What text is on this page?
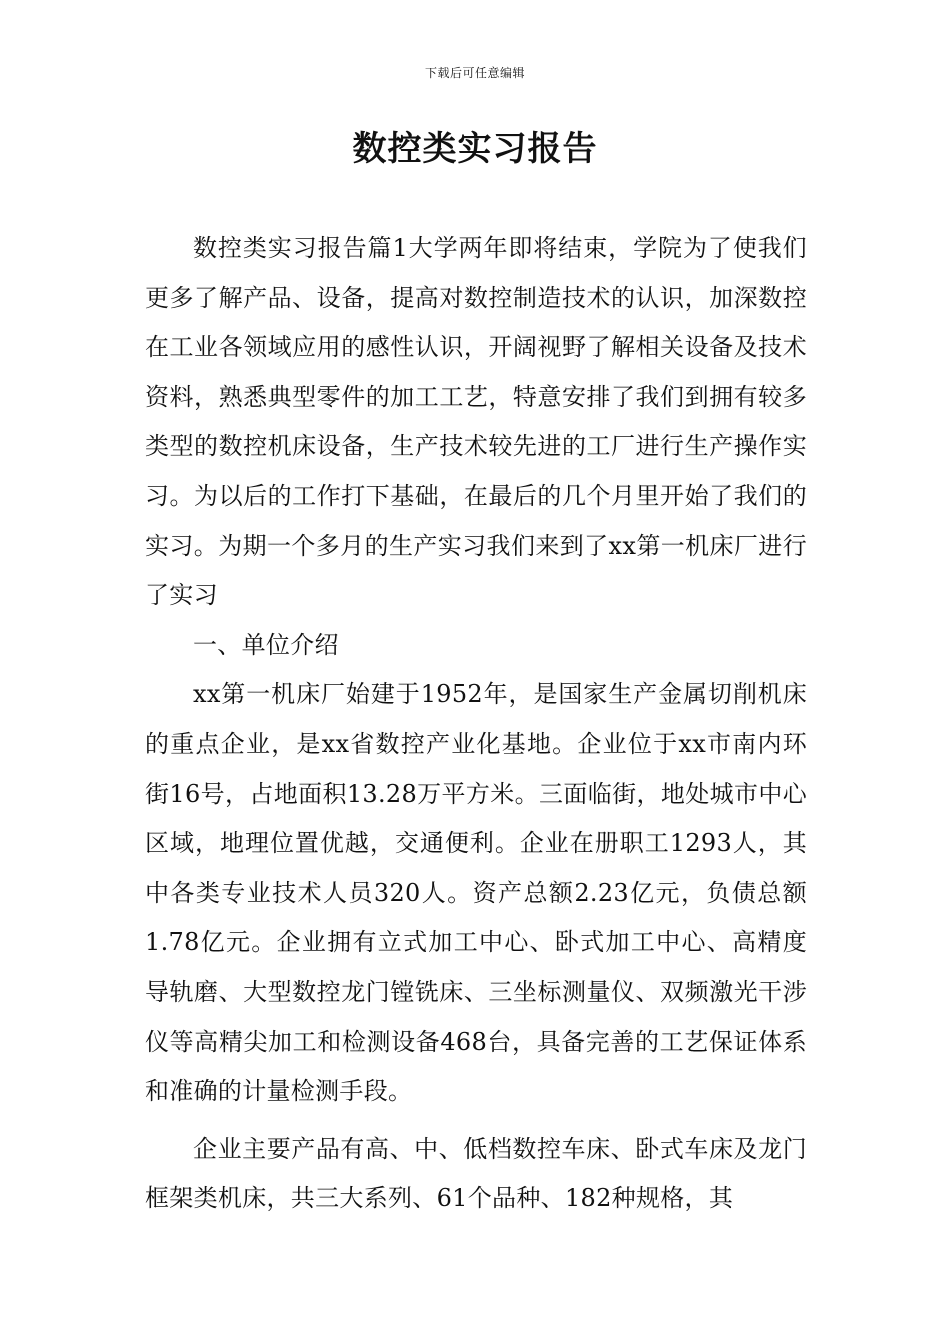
下载后可任意编辑
数控类实习报告

数控类实习报告篇1大学两年即将结束，学院为了使我们更多了解产品、设备，提高对数控制造技术的认识，加深数控在工业各领域应用的感性认识，开阔视野了解相关设备及技术资料，熟悉典型零件的加工工艺，特意安排了我们到拥有较多类型的数控机床设备，生产技术较先进的工厂进行生产操作实习。为以后的工作打下基础，在最后的几个月里开始了我们的实习。为期一个多月的生产实习我们来到了xx第一机床厂进行了实习

一、单位介绍

xx第一机床厂始建于1952年，是国家生产金属切削机床的重点企业，是xx省数控产业化基地。企业位于xx市南内环街16号，占地面积13.28万平方米。三面临街，地处城市中心区域，地理位置优越，交通便利。企业在册职工1293人，其中各类专业技术人员320人。资产总额2.23亿元，负债总额1.78亿元。企业拥有立式加工中心、卧式加工中心、高精度导轨磨、大型数控龙门镗铣床、三坐标测量仪、双频激光干涉仪等高精尖加工和检测设备468台，具备完善的工艺保证体系和准确的计量检测手段。

企业主要产品有高、中、低档数控车床、卧式车床及龙门框架类机床，共三大系列、61个品种、182种规格，其
